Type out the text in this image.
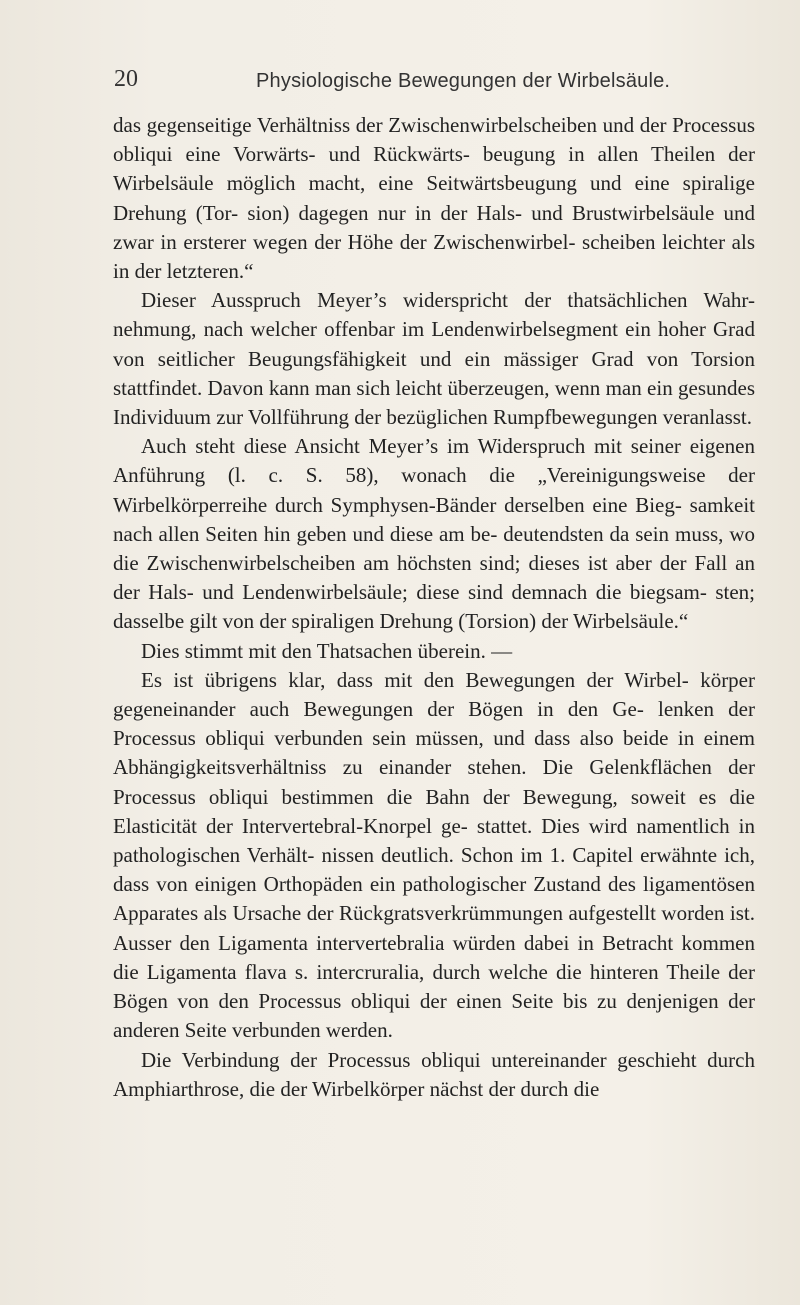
20	Physiologische Bewegungen der Wirbelsäule.

das gegenseitige Verhältniss der Zwischenwirbelscheiben und der Processus obliqui eine Vorwärts- und Rückwärts- beugung in allen Theilen der Wirbelsäule möglich macht, eine Seitwärtsbeugung und eine spiralige Drehung (Tor- sion) dagegen nur in der Hals- und Brustwirbelsäule und zwar in ersterer wegen der Höhe der Zwischenwirbel- scheiben leichter als in der letzteren.“

Dieser Ausspruch Meyer’s widerspricht der thatsächlichen Wahr- nehmung, nach welcher offenbar im Lendenwirbelsegment ein hoher Grad von seitlicher Beugungsfähigkeit und ein mässiger Grad von Torsion stattfindet. Davon kann man sich leicht überzeugen, wenn man ein gesundes Individuum zur Vollführung der bezüglichen Rumpfbewegungen veranlasst.

Auch steht diese Ansicht Meyer’s im Widerspruch mit seiner eigenen Anführung (l. c. S. 58), wonach die „Vereinigungsweise der Wirbelkörperreihe durch Symphysen-Bänder derselben eine Bieg- samkeit nach allen Seiten hin geben und diese am be- deutendsten da sein muss, wo die Zwischenwirbelscheiben am höchsten sind; dieses ist aber der Fall an der Hals- und Lendenwirbelsäule; diese sind demnach die biegsam- sten; dasselbe gilt von der spiraligen Drehung (Torsion) der Wirbelsäule.“

Dies stimmt mit den Thatsachen überein. —

Es ist übrigens klar, dass mit den Bewegungen der Wirbel- körper gegeneinander auch Bewegungen der Bögen in den Ge- lenken der Processus obliqui verbunden sein müssen, und dass also beide in einem Abhängigkeitsverhältniss zu einander stehen. Die Gelenkflächen der Processus obliqui bestimmen die Bahn der Bewegung, soweit es die Elasticität der Intervertebral-Knorpel ge- stattet. Dies wird namentlich in pathologischen Verhält- nissen deutlich. Schon im 1. Capitel erwähnte ich, dass von einigen Orthopäden ein pathologischer Zustand des ligamentösen Apparates als Ursache der Rückgratsverkrümmungen aufgestellt worden ist. Ausser den Ligamenta intervertebralia würden dabei in Betracht kommen die Ligamenta flava s. intercruralia, durch welche die hinteren Theile der Bögen von den Processus obliqui der einen Seite bis zu denjenigen der anderen Seite verbunden werden.

Die Verbindung der Processus obliqui untereinander geschieht durch Amphiarthrose, die der Wirbelkörper nächst der durch die
